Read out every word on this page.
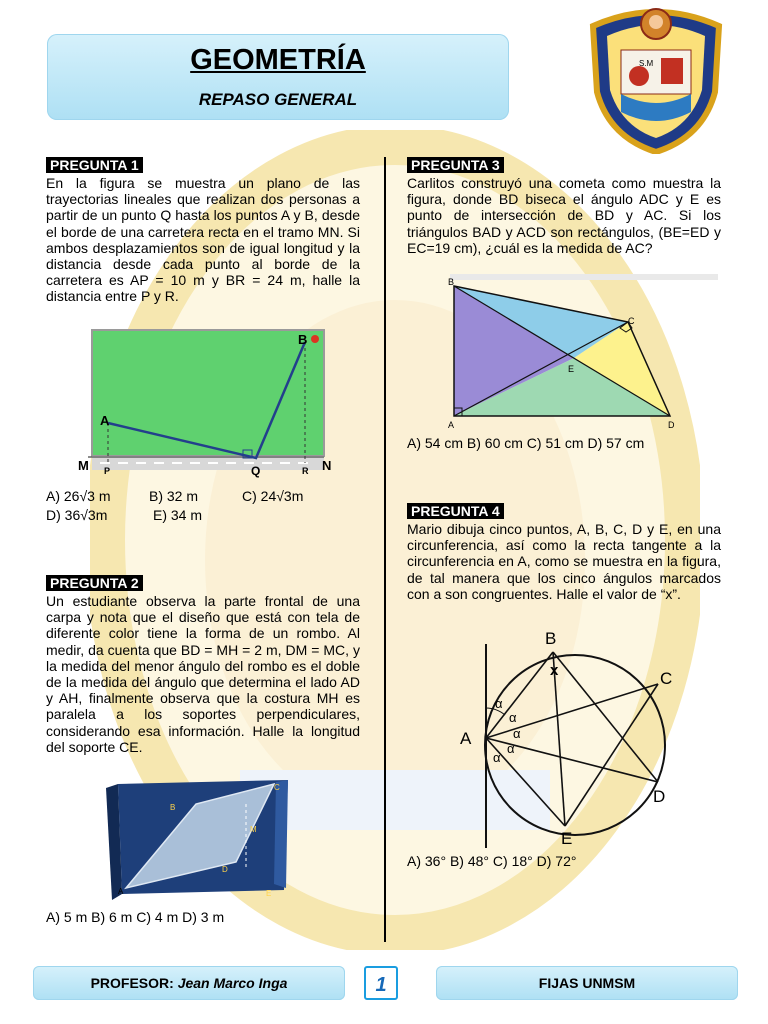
GEOMETRÍA
REPASO GENERAL
S.M
PREGUNTA 1

En la figura se muestra un plano de las trayectorias lineales que realizan dos personas a partir de un punto Q hasta los puntos A y B, desde el borde de una carretera recta en el tramo MN. Si ambos desplazamientos son de igual longitud y la distancia desde cada punto al borde de la carretera es AP = 10 m y BR = 24 m, halle la distancia entre P y R.

A
B
M	N
P	Q	R
A) 26√3 m	B) 32 m	C) 24√3m
D) 36√3m	E) 34 m
PREGUNTA 2

Un estudiante observa la parte frontal de una carpa y nota que el diseño que está con tela de diferente color tiene la forma de un rombo. Al medir, da cuenta que BD = MH = 2 m, DM = MC, y la medida del menor ángulo del rombo es el doble de la medida del ángulo que determina el lado AD y AH, finalmente observa que la costura MH es paralela a los soportes perpendiculares, considerando esa información. Halle la longitud del soporte CE.

A
B
C
D
E
M
A) 5 m B) 6 m C) 4 m D) 3 m
PREGUNTA 3

Carlitos construyó una cometa como muestra la figura, donde BD biseca el ángulo ADC y E es punto de intersección de BD y AC. Si los triángulos BAD y ACD son rectángulos, (BE=ED y EC=19 cm), ¿cuál es la medida de AC?

B
C
E
A	D
A) 54 cm B) 60 cm C) 51 cm D) 57 cm
PREGUNTA 4

Mario dibuja cinco puntos, A, B, C, D y E, en una circunferencia, así como la recta tangente a la circunferencia en A, como se muestra en la figura, de tal manera que los cinco ángulos marcados con a son congruentes. Halle el valor de “x”.

B
C
A
D
E
x
α
α
α
α
α
A) 36° B) 48° C) 18° D) 72°
PROFESOR: Jean Marco Inga	1	FIJAS UNMSM
